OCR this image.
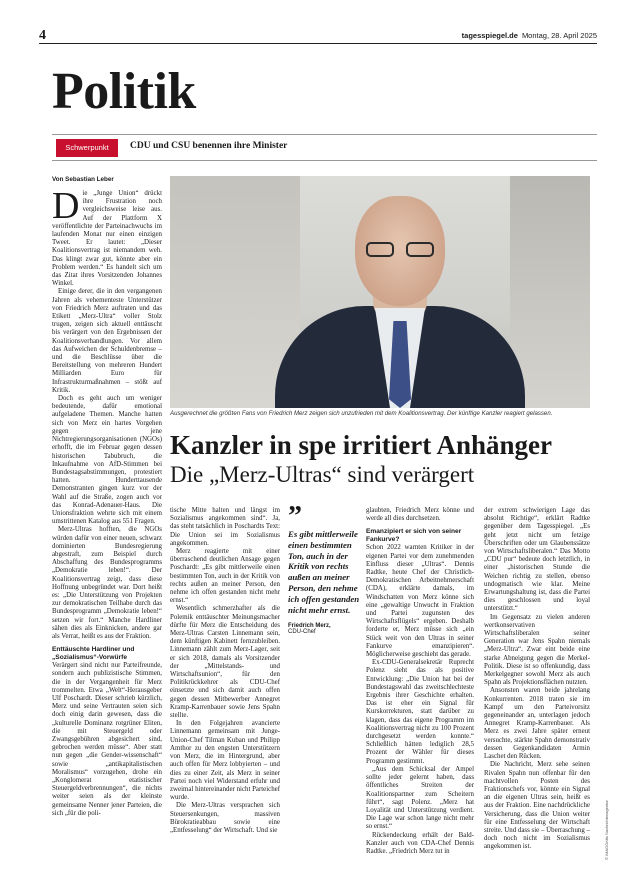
4	tagesspiegel.de Montag, 28. April 2025
Politik
Schwerpunkt	CDU und CSU benennen ihre Minister
Von Sebastian Leber
D ie „Junge Union“ drückt ihre Frustration noch vergleichsweise leise aus. Auf der Plattform X veröffentlichte der Parteinachwuchs im laufenden Monat nur einen einzigen Tweet. Er lautet: „Dieser Koalitionsvertrag ist niemandem weh. Das klingt zwar gut, könnte aber ein Problem werden.“ Es handelt sich um das Zitat ihres Vorsitzenden Johannes Winkel.

Einige derer, die in den vergangenen Jahren als vehementeste Unterstützer von Friedrich Merz auftraten und das Etikett „Merz-Ultra“ voller Stolz trugen, zeigen sich aktuell enttäuscht bis verärgert von den Ergebnissen der Koalitionsverhandlungen. Vor allem das Aufweichen der Schuldenbremse – und die Beschlüsse über die Bereitstellung von mehreren Hundert Milliarden Euro für Infrastrukturmaßnahmen – stößt auf Kritik.

Doch es geht auch um weniger bedeutende, dafür emotional aufgeladene Themen. Manche hatten sich von Merz ein hartes Vorgehen gegen jene Nichtregierungsorganisationen (NGOs) erhofft, die im Februar gegen dessen historischen Tabubruch, die Inkaufnahme von AfD-Stimmen bei Bundestagsabstimmungen, protestiert hatten. Hunderttausende Demonstranten gingen kurz vor der Wahl auf die Straße, zogen auch vor das Konrad-Adenauer-Haus. Die Unionsfraktion wehrte sich mit einem umstrittenen Katalog aus 551 Fragen.

Merz-Ultras hofften, die NGOs würden dafür von einer neuen, schwarz dominierten Bundesregierung abgestraft, zum Beispiel durch Abschaffung des Bundesprogramms „Demokratie leben!“. Der Koalitionsvertrag zeigt, dass diese Hoffnung unbegründet war. Dort heißt es: „Die Unterstützung von Projekten zur demokratischen Teilhabe durch das Bundesprogramm „Demokratie leben!“ setzen wir fort.“ Manche Hardliner sähen dies als Einknicken, andere gar als Verrat, heißt es aus der Fraktion.

Enttäuschte Hardliner und „Sozialismus“-Vorwürfe

Verärgert sind nicht nur Parteifreunde, sondern auch publizistische Stimmen, die in der Vergangenheit für Merz trommelten. Etwa „Welt“-Herausgeber Ulf Poschardt. Dieser schrieb kürzlich, Merz und seine Vertrauten seien sich doch einig darin gewesen, dass die „kulturelle Dominanz rotgrüner Eliten, die mit Steuergeld oder Zwangsgebühren abgesichert sind, gebrochen werden müsse“. Aber statt nun gegen „die Gender-wissenschaft“ sowie „antikapitalistischen Moralismus“ vorzugehen, drohe ein „Konglomerat etatistischer Steuergeldverbrennungen“, die nichts weiter seien als der kleinste gemeinsame Nenner jener Parteien, die sich „für die poli-

Ausgerechnet die größten Fans von Friedrich Merz zeigen sich unzufrieden mit dem Koalitionsvertrag. Der künftige Kanzler reagiert gelassen.
Kanzler in spe irritiert Anhänger
Die „Merz-Ultras“ sind verärgert

tische Mitte halten und längst im Sozialismus angekommen sind“. Ja, das steht tatsächlich in Poschardts Text: Die Union sei im Sozialismus angekommen.

Merz reagierte mit einer überraschend deutlichen Ansage gegen Poschardt: „Es gibt mittlerweile einen bestimmten Ton, auch in der Kritik von rechts außen an meiner Person, den nehme ich offen gestanden nicht mehr ernst.“

Wesentlich schmerzhafter als die Polemik enttäuschter Meinungsmacher dürfte für Merz die Entscheidung des Merz-Ultras Carsten Linnemann sein, dem künftigen Kabinett fernzubleiben. Linnemann zählt zum Merz-Lager, seit er sich 2018, damals als Vorsitzender der „Mittelstands- und Wirtschaftsunion“, für den Politikrückkehrer als CDU-Chef einsetzte und sich damit auch offen gegen dessen Mitbewerber Annegret Kramp-Karrenbauer sowie Jens Spahn stellte.

In den Folgejahren avancierte Linnemann gemeinsam mit Junge-Union-Chef Tilman Kuban und Philipp Amthor zu den engsten Unterstützern von Merz, die im Hintergrund, aber auch offen für Merz lobbyierten – und dies zu einer Zeit, als Merz in seiner Partei noch viel Widerstand erfuhr und zweimal hintereinander nicht Parteichef wurde.

Die Merz-Ultras versprachen sich Steuersenkungen, massiven Bürokratieabbau sowie eine „Entfesselung“ der Wirtschaft. Und sie

”
Es gibt mittlerweile einen bestimmten Ton, auch in der Kritik von rechts außen an meiner Person, den nehme ich offen gestanden nicht mehr ernst.
Friedrich Merz,
CDU-Chef

glaubten, Friedrich Merz könne und werde all dies durchsetzen.

Emanzipiert er sich von seiner Fankurve?

Schon 2022 warnten Kritiker in der eigenen Partei vor dem zunehmenden Einfluss dieser „Ultras“. Dennis Radtke, heute Chef der Christlich-Demokratischen Arbeitnehmerschaft (CDA), erklärte damals, im Windschatten von Merz könne sich eine „gewaltige Unwucht in Fraktion und Partei zugunsten des Wirtschaftsflügels“ ergeben. Deshalb forderte er, Merz müsse sich „ein Stück weit von den Ultras in seiner Fankurve emanzipieren“. Möglicherweise geschieht das gerade.

Ex-CDU-Generalsekretär Ruprecht Polenz sieht das als positive Entwicklung: „Die Union hat bei der Bundestagswahl das zweitschlechteste Ergebnis ihrer Geschichte erhalten. Das ist eher ein Signal für Kurskorrekturen, statt darüber zu klagen, dass das eigene Programm im Koalitionsvertrag nicht zu 100 Prozent durchgesetzt werden konnte.“ Schließlich hätten lediglich 28,5 Prozent der Wähler für dieses Programm gestimmt.

„Aus dem Schicksal der Ampel sollte jeder gelernt haben, dass öffentliches Streiten der Koalitionspartner zum Scheitern führt“, sagt Polenz. „Merz hat Loyalität und Unterstützung verdient. Die Lage war schon lange nicht mehr so ernst.“

Rückendeckung erhält der Bald-Kanzler auch von CDA-Chef Dennis Radtke. „Friedrich Merz tut in

der extrem schwierigen Lage das absolut Richtige“, erklärt Radtke gegenüber dem Tagesspiegel. „Es geht jetzt nicht um fetzige Überschriften oder um Glaubenssätze von Wirtschaftsliberalen.“ Das Motto „CDU pur“ bedeute doch letztlich, in einer „historischen Stunde die Weichen richtig zu stellen, ebenso undogmatisch wie klar. Meine Erwartungshaltung ist, dass die Partei dies geschlossen und loyal unterstützt.“

Im Gegensatz zu vielen anderen wertkonservativen Wirtschaftsliberalen seiner Generation war Jens Spahn niemals „Merz-Ultra“. Zwar eint beide eine starke Abneigung gegen die Merkel-Politik. Diese ist so offenkundig, dass Merkelgegner sowohl Merz als auch Spahn als Projektionsflächen nutzten.

Ansonsten waren beide jahrelang Konkurrenten. 2018 traten sie im Kampf um den Parteivorsitz gegeneinander an, unterlagen jedoch Annegret Kramp-Karrenbauer. Als Merz es zwei Jahre später erneut versuchte, stärkte Spahn demonstrativ dessen Gegenkandidaten Armin Laschet den Rücken.

Die Nachricht, Merz sehe seinen Rivalen Spahn nun offenbar für den machtvollen Posten des Fraktionschefs vor, könnte ein Signal an die eigenen Ultras sein, heißt es aus der Fraktion. Eine nachdrückliche Versicherung, dass die Union weiter für eine Entfesselung der Wirtschaft streite. Und dass sie – Überraschung – doch noch nicht im Sozialismus angekommen ist.	© IMAGO/dts Nachrichtenagentur
